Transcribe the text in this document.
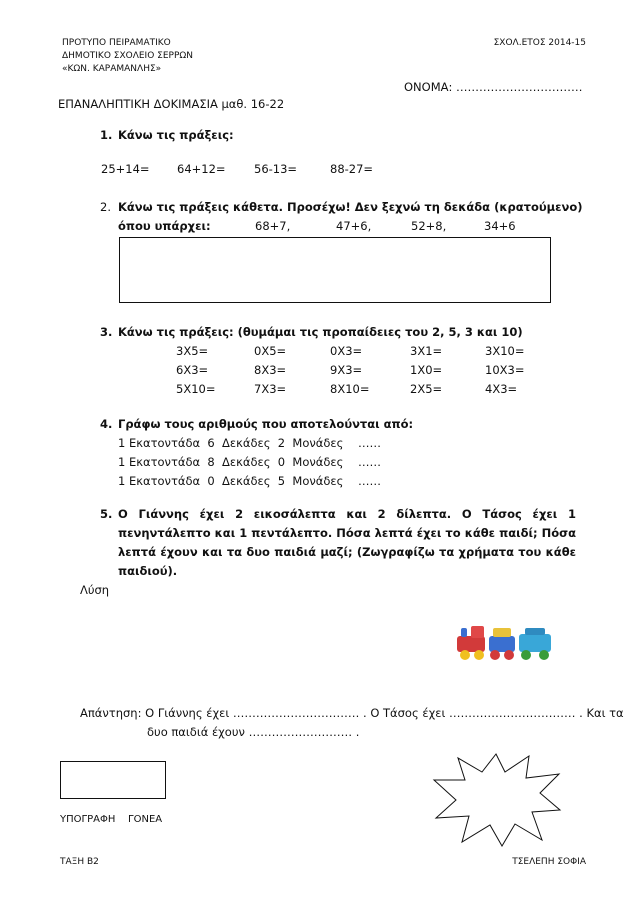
ΠΡΟΤΥΠΟ ΠΕΙΡΑΜΑΤΙΚΟ
ΔΗΜΟΤΙΚΟ ΣΧΟΛΕΙΟ ΣΕΡΡΩΝ
«ΚΩΝ. ΚΑΡΑΜΑΝΛΗΣ»
ΣΧΟΛ.ΕΤΟΣ 2014-15
ΟΝΟΜΑ: ……………………………
ΕΠΑΝΑΛΗΠΤΙΚΗ ΔΟΚΙΜΑΣΙΑ μαθ. 16-22
1. Κάνω τις πράξεις:
25+14= 64+12= 56-13=	88-27=
2. Κάνω τις πράξεις κάθετα. Προσέχω! Δεν ξεχνώ τη δεκάδα (κρατούμενο)
όπου υπάρχει:	68+7,	47+6,	52+8,	34+6
3. Κάνω τις πράξεις: (θυμάμαι τις προπαίδειες του 2, 5, 3 και 10)
3X5=	0X5=	0X3=	3X1=	3X10=
6X3=	8X3=	9X3=	1X0=	10X3=
5X10=	7X3=	8X10=	2X5=	4X3=
4. Γράφω τους αριθμούς που αποτελούνται από:
1 Εκατοντάδα  6  Δεκάδες  2  Μονάδες    ……
1 Εκατοντάδα  8  Δεκάδες  0  Μονάδες    ……
1 Εκατοντάδα  0  Δεκάδες  5  Μονάδες    ……
5. Ο Γιάννης έχει 2 εικοσάλεπτα και 2 δίλεπτα. Ο Τάσος έχει 1
πενηντάλεπτο και 1 πεντάλεπτο. Πόσα λεπτά έχει το κάθε παιδί; Πόσα
λεπτά έχουν και τα δυο παιδιά μαζί; (Ζωγραφίζω τα χρήματα του κάθε
παιδιού).
Λύση
Απάντηση: Ο Γιάννης έχει …………………………… . Ο Τάσος έχει …………………………… . Και τα
δυο παιδιά έχουν ……………………… .
ΥΠΟΓΡΑΦΗ    ΓΟΝΕΑ
ΤΑΞΗ Β2	ΤΣΕΛΕΠΗ ΣΟΦΙΑ
